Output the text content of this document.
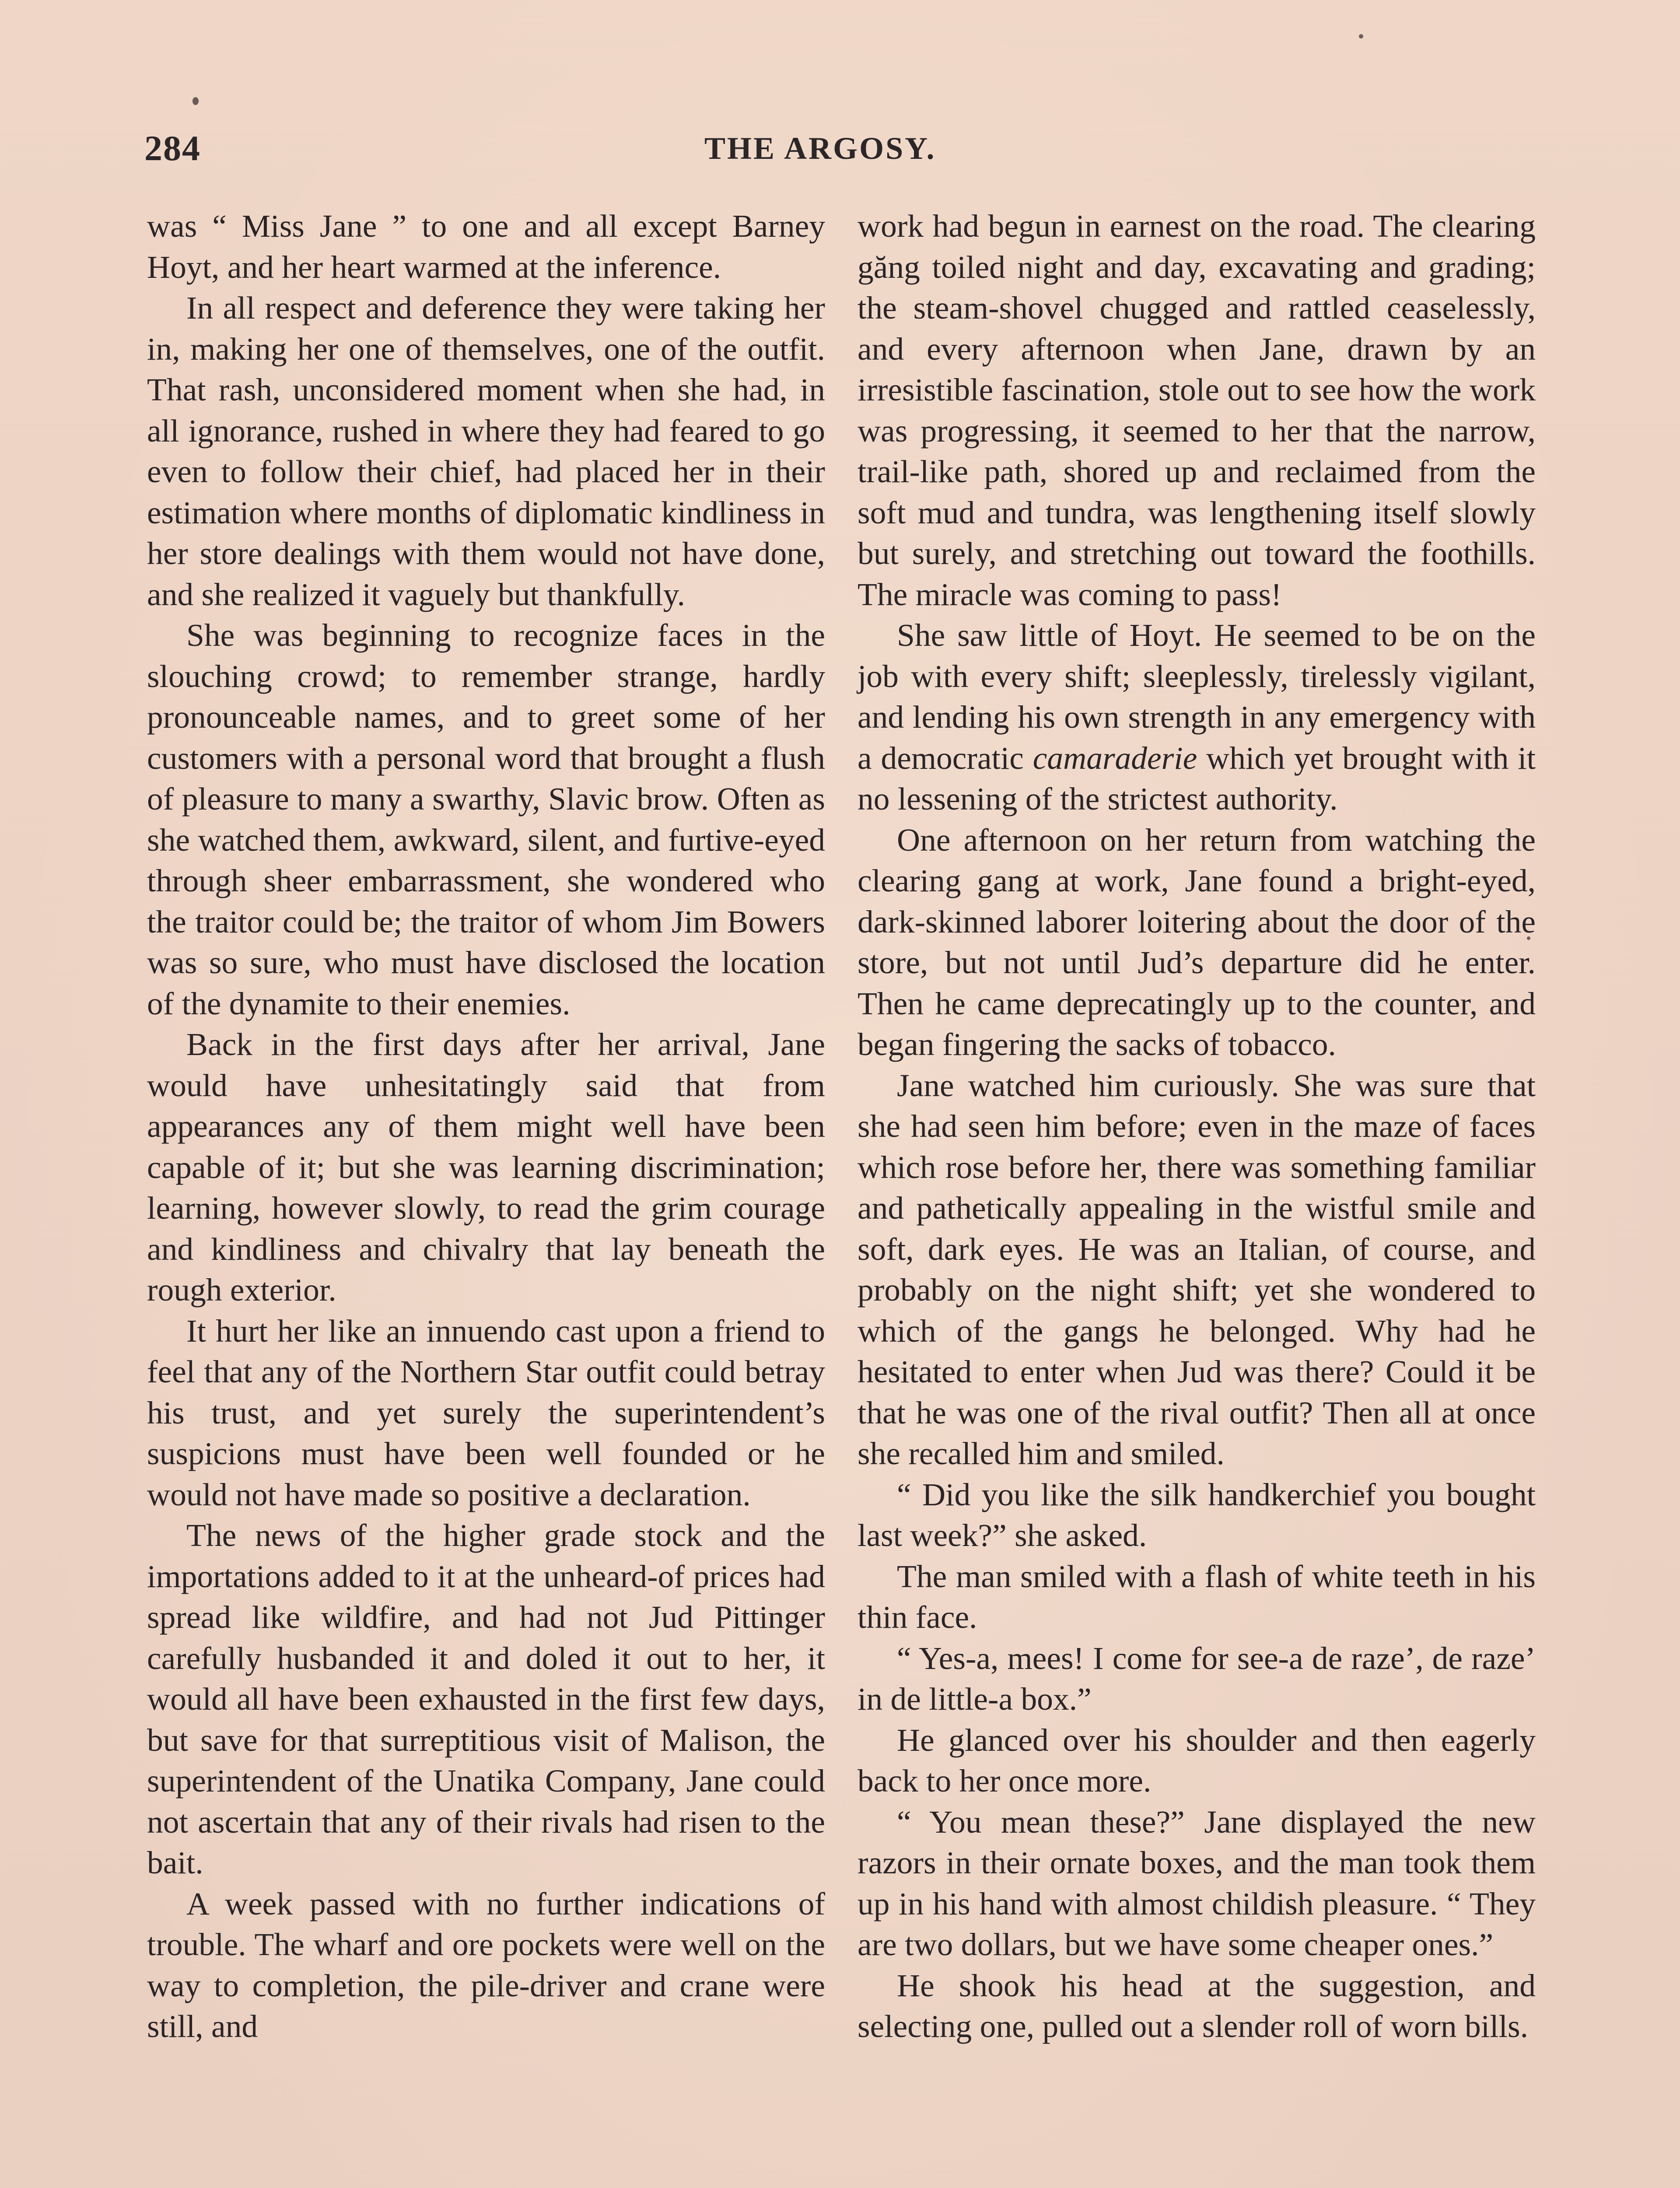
284	THE ARGOSY.

was “ Miss Jane ” to one and all except Barney Hoyt, and her heart warmed at the inference.

In all respect and deference they were taking her in, making her one of themselves, one of the outfit. That rash, unconsidered moment when she had, in all ignorance, rushed in where they had feared to go even to follow their chief, had placed her in their estimation where months of diplomatic kindliness in her store dealings with them would not have done, and she realized it vaguely but thankfully.

She was beginning to recognize faces in the slouching crowd; to remember strange, hardly pronounceable names, and to greet some of her customers with a personal word that brought a flush of pleasure to many a swarthy, Slavic brow. Often as she watched them, awkward, silent, and furtive-eyed through sheer embarrassment, she wondered who the traitor could be; the traitor of whom Jim Bowers was so sure, who must have disclosed the location of the dynamite to their enemies.

Back in the first days after her arrival, Jane would have unhesitatingly said that from appearances any of them might well have been capable of it; but she was learning discrimination; learning, however slowly, to read the grim courage and kindliness and chivalry that lay beneath the rough exterior.

It hurt her like an innuendo cast upon a friend to feel that any of the Northern Star outfit could betray his trust, and yet surely the superintendent’s suspicions must have been well founded or he would not have made so positive a declaration.

The news of the higher grade stock and the importations added to it at the unheard-of prices had spread like wildfire, and had not Jud Pittinger carefully husbanded it and doled it out to her, it would all have been exhausted in the first few days, but save for that surreptitious visit of Malison, the superintendent of the Unatika Company, Jane could not ascertain that any of their rivals had risen to the bait.

A week passed with no further indications of trouble. The wharf and ore pockets were well on the way to completion, the pile-driver and crane were still, and

work had begun in earnest on the road. The clearing găng toiled night and day, excavating and grading; the steam-shovel chugged and rattled ceaselessly, and every afternoon when Jane, drawn by an irresistible fascination, stole out to see how the work was progressing, it seemed to her that the narrow, trail-like path, shored up and reclaimed from the soft mud and tundra, was lengthening itself slowly but surely, and stretching out toward the foothills. The miracle was coming to pass!

She saw little of Hoyt. He seemed to be on the job with every shift; sleeplessly, tirelessly vigilant, and lending his own strength in any emergency with a democratic camaraderie which yet brought with it no lessening of the strictest authority.

One afternoon on her return from watching the clearing gang at work, Jane found a bright-eyed, dark-skinned laborer loitering about the door of the store, but not until Jud’s departure did he enter. Then he came deprecatingly up to the counter, and began fingering the sacks of tobacco.

Jane watched him curiously. She was sure that she had seen him before; even in the maze of faces which rose before her, there was something familiar and pathetically appealing in the wistful smile and soft, dark eyes. He was an Italian, of course, and probably on the night shift; yet she wondered to which of the gangs he belonged. Why had he hesitated to enter when Jud was there? Could it be that he was one of the rival outfit? Then all at once she recalled him and smiled.

“ Did you like the silk handkerchief you bought last week?” she asked.

The man smiled with a flash of white teeth in his thin face.

“ Yes-a, mees! I come for see-a de raze’, de raze’ in de little-a box.”

He glanced over his shoulder and then eagerly back to her once more.

“ You mean these?” Jane displayed the new razors in their ornate boxes, and the man took them up in his hand with almost childish pleasure. “ They are two dollars, but we have some cheaper ones.”

He shook his head at the suggestion, and selecting one, pulled out a slender roll of worn bills.
